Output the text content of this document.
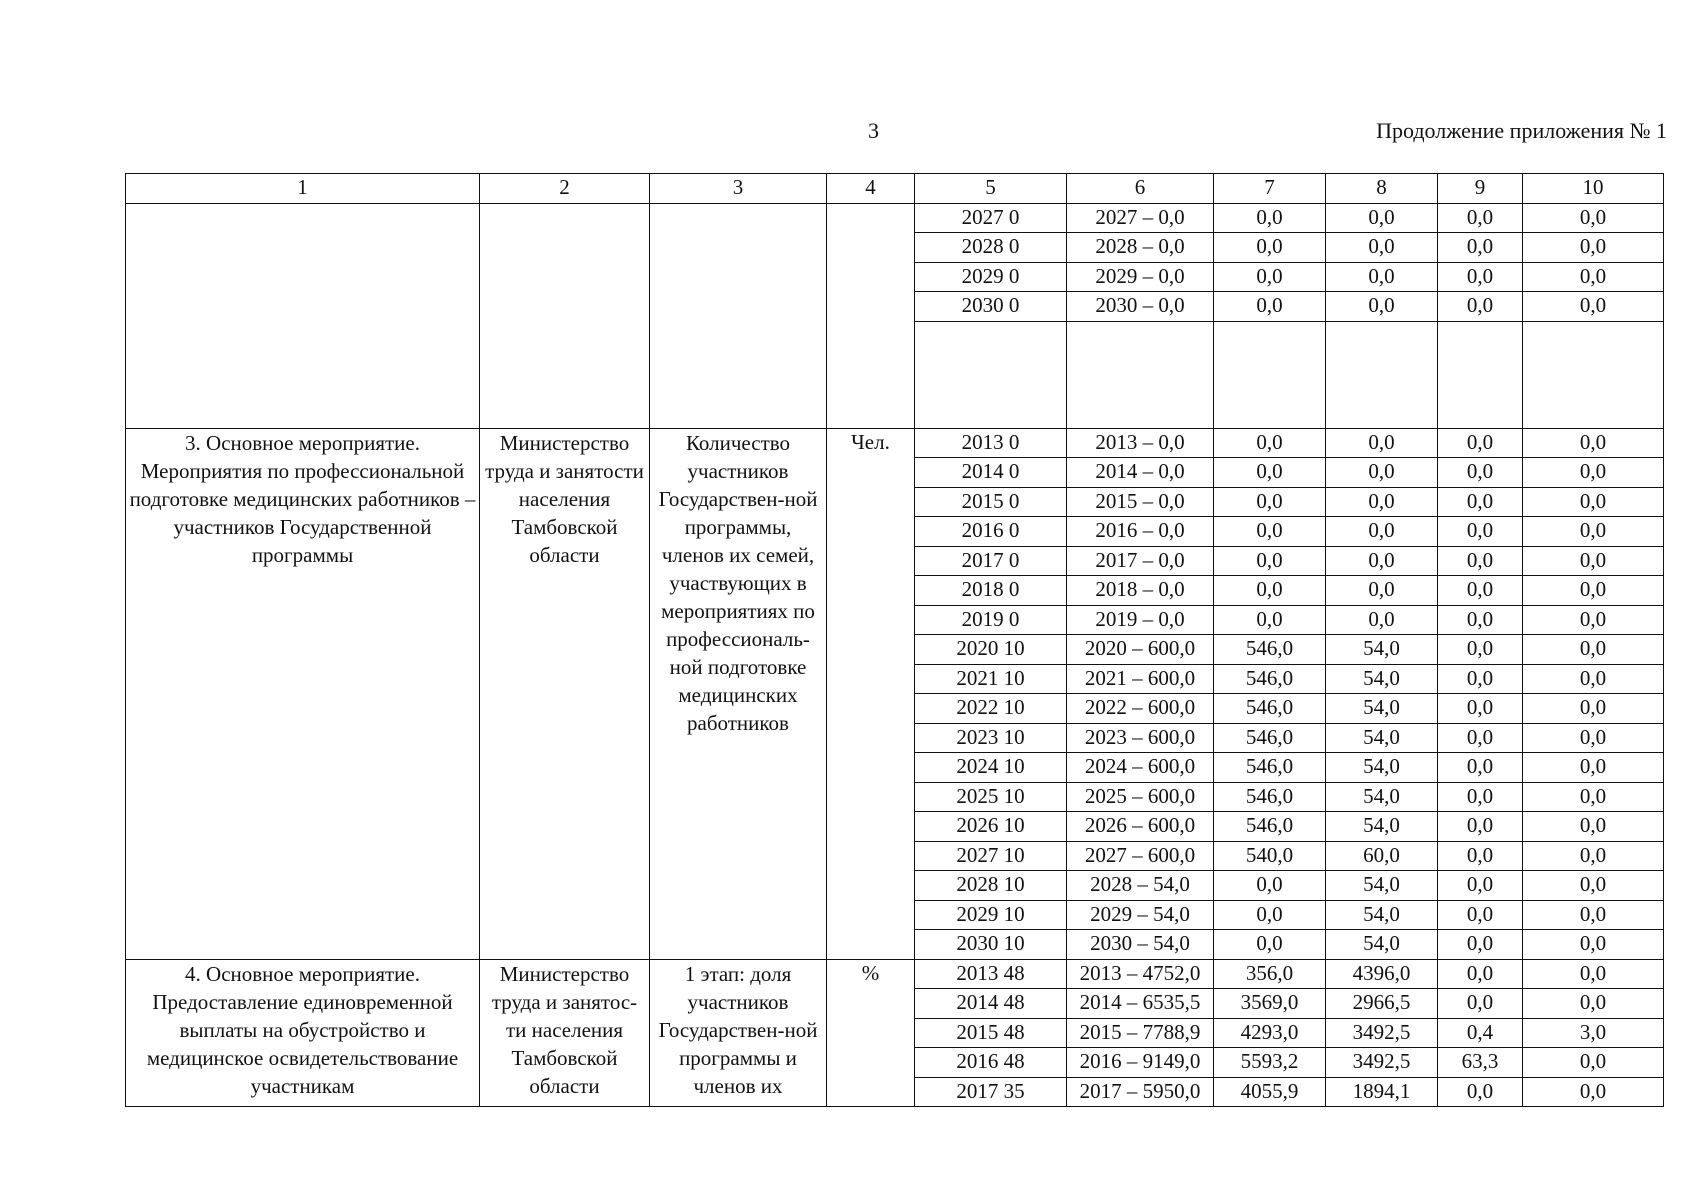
3	Продолжение приложения № 1
1	2	3	4	5	6	7	8	9	10
				2027 0	2027 – 0,0	0,0	0,0	0,0	0,0
				2028 0	2028 – 0,0	0,0	0,0	0,0	0,0
				2029 0	2029 – 0,0	0,0	0,0	0,0	0,0
				2030 0	2030 – 0,0	0,0	0,0	0,0	0,0

3. Основное мероприятие. Мероприятия по профессиональной подготовке медицинских работников – участников Государственной программы	Министерство труда и занятости населения Тамбовской области	Количество участников Государствен-ной программы, членов их семей, участвующих в мероприятиях по профессиональ-ной подготовке медицинских работников	Чел.	2013 0	2013 – 0,0	0,0	0,0	0,0	0,0
				2014 0	2014 – 0,0	0,0	0,0	0,0	0,0
				2015 0	2015 – 0,0	0,0	0,0	0,0	0,0
				2016 0	2016 – 0,0	0,0	0,0	0,0	0,0
				2017 0	2017 – 0,0	0,0	0,0	0,0	0,0
				2018 0	2018 – 0,0	0,0	0,0	0,0	0,0
				2019 0	2019 – 0,0	0,0	0,0	0,0	0,0
				2020 10	2020 – 600,0	546,0	54,0	0,0	0,0
				2021 10	2021 – 600,0	546,0	54,0	0,0	0,0
				2022 10	2022 – 600,0	546,0	54,0	0,0	0,0
				2023 10	2023 – 600,0	546,0	54,0	0,0	0,0
				2024 10	2024 – 600,0	546,0	54,0	0,0	0,0
				2025 10	2025 – 600,0	546,0	54,0	0,0	0,0
				2026 10	2026 – 600,0	546,0	54,0	0,0	0,0
				2027 10	2027 – 600,0	540,0	60,0	0,0	0,0
				2028 10	2028 – 54,0	0,0	54,0	0,0	0,0
				2029 10	2029 – 54,0	0,0	54,0	0,0	0,0
				2030 10	2030 – 54,0	0,0	54,0	0,0	0,0
4. Основное мероприятие. Предоставление единовременной выплаты на обустройство и медицинское освидетельствование участникам	Министерство труда и занятос-ти населения Тамбовской области	1 этап: доля участников Государствен-ной программы и членов их	%	2013 48	2013 – 4752,0	356,0	4396,0	0,0	0,0
				2014 48	2014 – 6535,5	3569,0	2966,5	0,0	0,0
				2015 48	2015 – 7788,9	4293,0	3492,5	0,4	3,0
				2016 48	2016 – 9149,0	5593,2	3492,5	63,3	0,0
				2017 35	2017 – 5950,0	4055,9	1894,1	0,0	0,0
